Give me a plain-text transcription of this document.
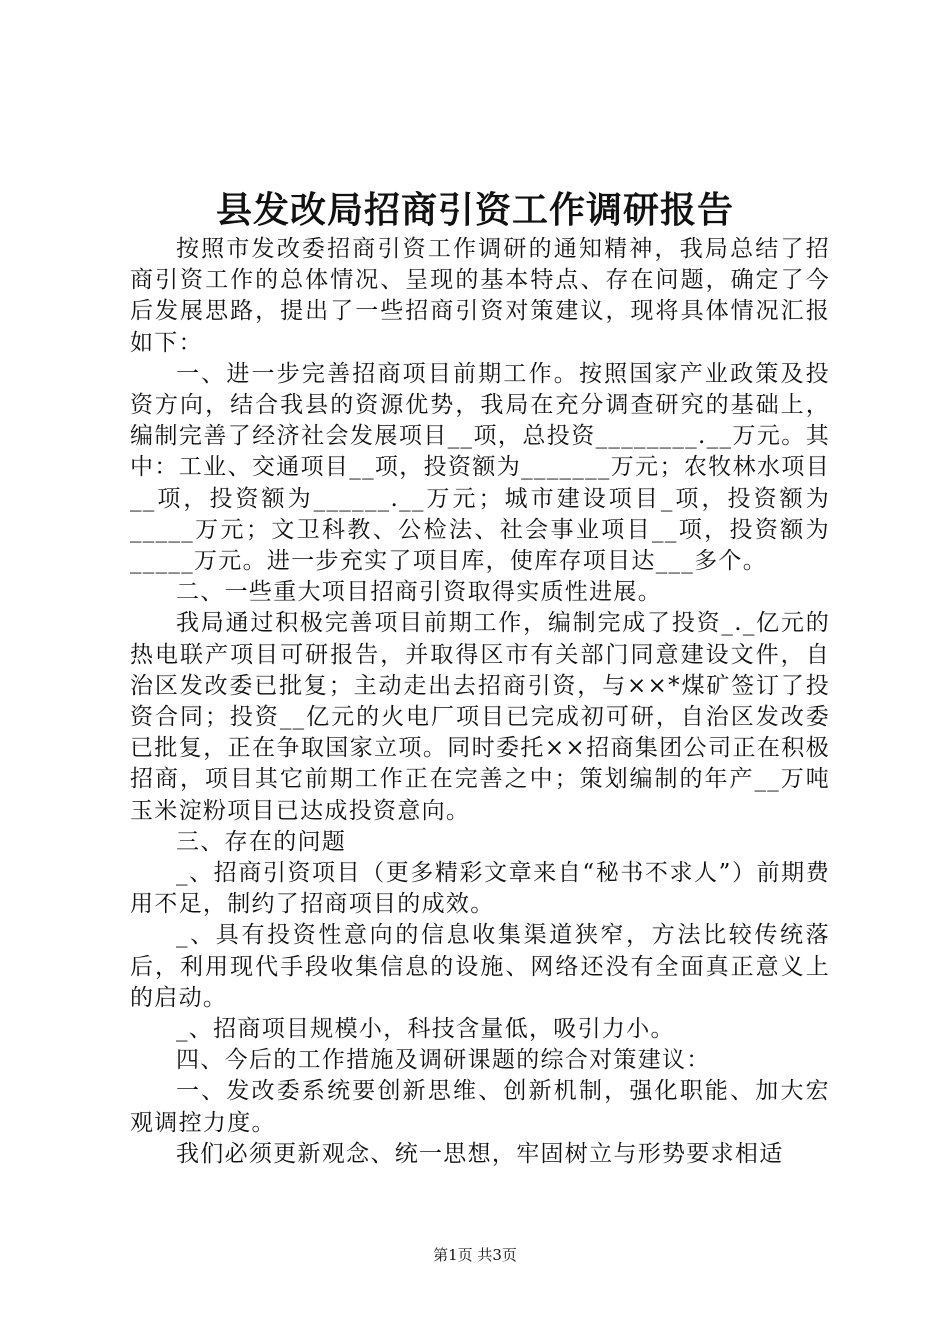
县发改局招商引资工作调研报告

按照市发改委招商引资工作调研的通知精神，我局总结了招商引资工作的总体情况、呈现的基本特点、存在问题，确定了今后发展思路，提出了一些招商引资对策建议，现将具体情况汇报如下：

一、进一步完善招商项目前期工作。按照国家产业政策及投资方向，结合我县的资源优势，我局在充分调查研究的基础上，编制完善了经济社会发展项目__项，总投资________.__万元。其中：工业、交通项目__项，投资额为_______万元；农牧林水项目__项，投资额为______.__万元；城市建设项目_项，投资额为_____万元；文卫科教、公检法、社会事业项目__项，投资额为_____万元。进一步充实了项目库，使库存项目达___多个。

二、一些重大项目招商引资取得实质性进展。

我局通过积极完善项目前期工作，编制完成了投资_._亿元的热电联产项目可研报告，并取得区市有关部门同意建设文件，自治区发改委已批复；主动走出去招商引资，与××*煤矿签订了投资合同；投资__亿元的火电厂项目已完成初可研，自治区发改委已批复，正在争取国家立项。同时委托××招商集团公司正在积极招商，项目其它前期工作正在完善之中；策划编制的年产__万吨玉米淀粉项目已达成投资意向。

三、存在的问题

_、招商引资项目（更多精彩文章来自“秘书不求人”）前期费用不足，制约了招商项目的成效。

_、具有投资性意向的信息收集渠道狭窄，方法比较传统落后，利用现代手段收集信息的设施、网络还没有全面真正意义上的启动。

_、招商项目规模小，科技含量低，吸引力小。

四、今后的工作措施及调研课题的综合对策建议：

一、发改委系统要创新思维、创新机制，强化职能、加大宏观调控力度。

我们必须更新观念、统一思想，牢固树立与形势要求相适

第1页 共3页
